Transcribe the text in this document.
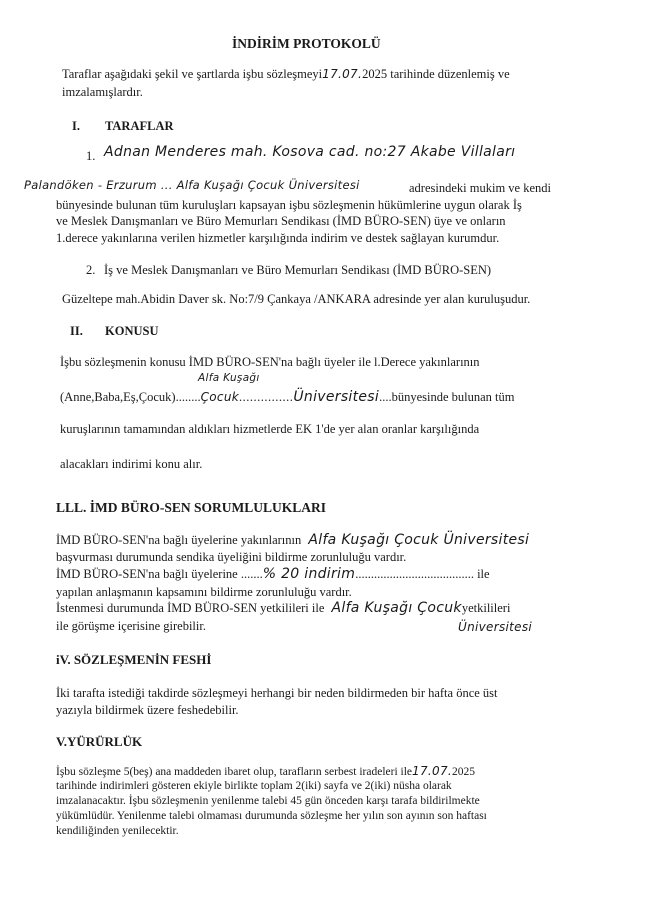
İNDİRİM PROTOKOLÜ
Taraflar aşağıdaki şekil ve şartlarda işbu sözleşmeyi17.07.2025 tarihinde düzenlemiş ve
imzalamışlardır.
I. TARAFLAR
1. Adnan Menderes mah. Kosova cad. no:27 Akabe Villaları
Palandöken - Erzurum ... Alfa Kuşağı Çocuk Üniversitesi	adresindeki mukim ve kendi
bünyesinde bulunan tüm kuruluşları kapsayan işbu sözleşmenin hükümlerine uygun olarak İş
ve Meslek Danışmanları ve Büro Memurları Sendikası (İMD BÜRO-SEN) üye ve onların
1.derece yakınlarına verilen hizmetler karşılığında indirim ve destek sağlayan kurumdur.
2. İş ve Meslek Danışmanları ve Büro Memurları Sendikası (İMD BÜRO-SEN)
Güzeltepe mah.Abidin Daver sk. No:7/9 Çankaya /ANKARA adresinde yer alan kuruluşudur.
II. KONUSU
İşbu sözleşmenin konusu İMD BÜRO-SEN'na bağlı üyeler ile l.Derece yakınlarının
Alfa Kuşağı
(Anne,Baba,Eş,Çocuk)........Çocuk...............Üniversitesi....bünyesinde bulunan tüm
kuruşlarının tamamından aldıkları hizmetlerde EK 1'de yer alan oranlar karşılığında
alacakları indirimi konu alır.
LLL. İMD BÜRO-SEN SORUMLULUKLARI
İMD BÜRO-SEN'na bağlı üyelerine yakınlarının Alfa Kuşağı Çocuk Üniversitesi
başvurması durumunda sendika üyeliğini bildirme zorunluluğu vardır.
İMD BÜRO-SEN'na bağlı üyelerine .......% 20 indirim...................................... ile
yapılan anlaşmanın kapsamını bildirme zorunluluğu vardır.
İstenmesi durumunda İMD BÜRO-SEN yetkilileri ile Alfa Kuşağı Çocukyetkilileri
ile görüşme içerisine girebilir.	Üniversitesi
iV. SÖZLEŞMENİN FESHİ
İki tarafta istediği takdirde sözleşmeyi herhangi bir neden bildirmeden bir hafta önce üst
yazıyla bildirmek üzere feshedebilir.
V.YÜRÜRLÜK
İşbu sözleşme 5(beş) ana maddeden ibaret olup, tarafların serbest iradeleri ile17.07.2025
tarihinde indirimleri gösteren ekiyle birlikte toplam 2(iki) sayfa ve 2(iki) nüsha olarak
imzalanacaktır. İşbu sözleşmenin yenilenme talebi 45 gün önceden karşı tarafa bildirilmekte
yükümlüdür. Yenilenme talebi olmaması durumunda sözleşme her yılın son ayının son haftası
kendiliğinden yenilecektir.
